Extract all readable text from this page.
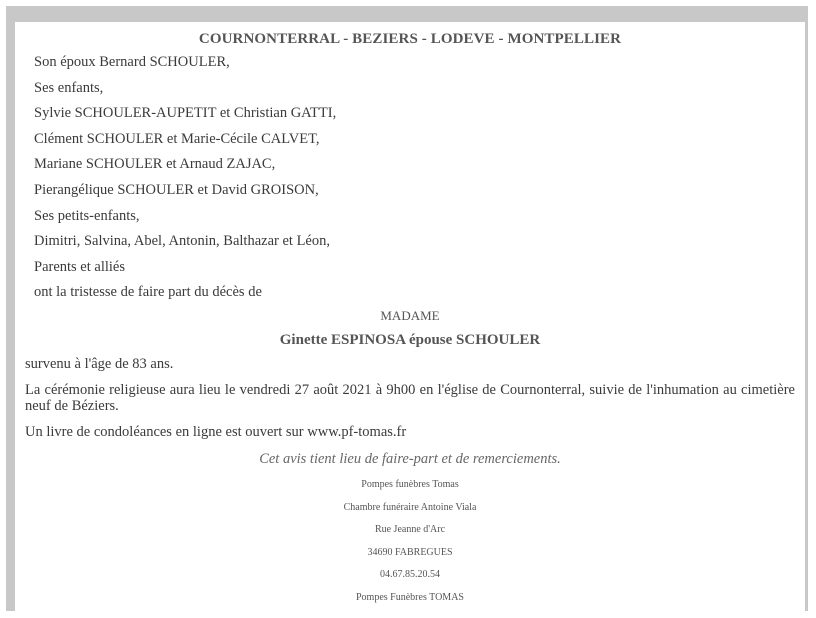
COURNONTERRAL - BEZIERS - LODEVE - MONTPELLIER
Son époux Bernard SCHOULER,
Ses enfants,
Sylvie SCHOULER-AUPETIT et Christian GATTI,
Clément SCHOULER et Marie-Cécile CALVET,
Mariane SCHOULER et Arnaud ZAJAC,
Pierangélique SCHOULER et David GROISON,
Ses petits-enfants,
Dimitri, Salvina, Abel, Antonin, Balthazar et Léon,
Parents et alliés
ont la tristesse de faire part du décès de
MADAME
Ginette ESPINOSA épouse SCHOULER
survenu à l'âge de 83 ans.
La cérémonie religieuse aura lieu le vendredi 27 août 2021 à 9h00 en l'église de Cournonterral, suivie de l'inhumation au cimetière neuf de Béziers.
Un livre de condoléances en ligne est ouvert sur www.pf-tomas.fr
Cet avis tient lieu de faire-part et de remerciements.
Pompes funèbres Tomas
Chambre funéraire Antoine Viala
Rue Jeanne d'Arc
34690 FABREGUES
04.67.85.20.54
Pompes Funèbres TOMAS
